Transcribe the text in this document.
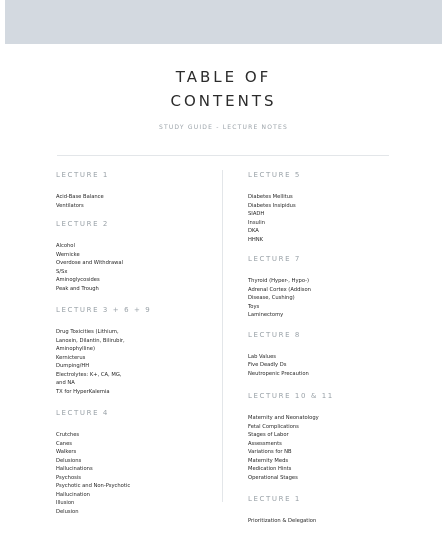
TABLE OF
CONTENTS
STUDY GUIDE - LECTURE NOTES
LECTURE 1
Acid-Base Balance
Ventilators
LECTURE 2
Alcohol
Wernicke
Overdose and Withdrawal
S/Sx
Aminoglycosides
Peak and Trough
LECTURE 3 + 6 + 9
Drug Toxicities (Lithium,
Lanoxin, Dilantin, Bilirubir,
Aminophylline)
Kernicterus
Dumping/HH
Electrolytes: K+, CA, MG,
and NA
TX for HyperKalemia
LECTURE 4
Crutches
Canes
Walkers
Delusions
Hallucinations
Psychosis
Psychotic and Non-Psychotic
Hallucination
Illusion
Delusion
LECTURE 5
Diabetes Mellitus
Diabetes Insipidus
SIADH
Insulin
DKA
HHNK
LECTURE 7
Thyroid (Hyper-, Hypo-)
Adrenal Cortex (Addison
Disease, Cushing)
Toys
Laminectomy
LECTURE 8
Lab Values
Five Deadly Ds
Neutropenic Precaution
LECTURE 10 & 11
Maternity and Neonatology
Fetal Complications
Stages of Labor
Assessments
Variations for NB
Maternity Meds
Medication Hints
Operational Stages
LECTURE 1
Prioritization & Delegation
